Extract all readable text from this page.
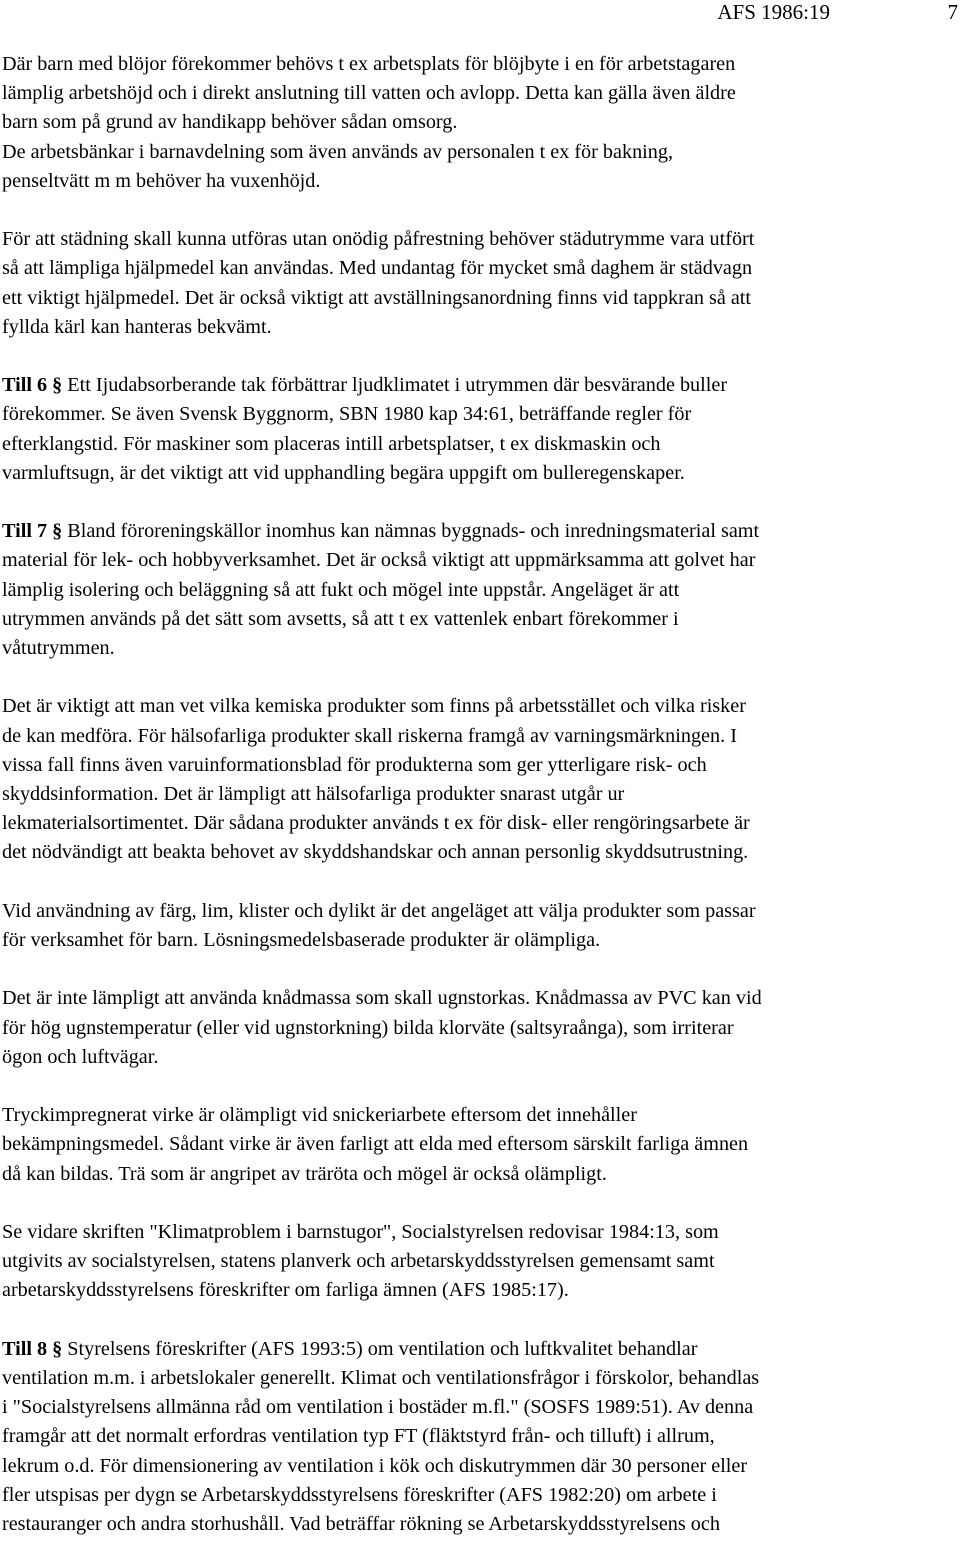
AFS 1986:19	7
Där barn med blöjor förekommer behövs t ex arbetsplats för blöjbyte i en för arbetstagaren
lämplig arbetshöjd och i direkt anslutning till vatten och avlopp. Detta kan gälla även äldre
barn som på grund av handikapp behöver sådan omsorg.
De arbetsbänkar i barnavdelning som även används av personalen t ex för bakning,
penseltvätt m m behöver ha vuxenhöjd.
För att städning skall kunna utföras utan onödig påfrestning behöver städutrymme vara utfört
så att lämpliga hjälpmedel kan användas. Med undantag för mycket små daghem är städvagn
ett viktigt hjälpmedel. Det är också viktigt att avställningsanordning finns vid tappkran så att
fyllda kärl kan hanteras bekvämt.
Till 6 § Ett Ijudabsorberande tak förbättrar ljudklimatet i utrymmen där besvärande buller
förekommer. Se även Svensk Byggnorm, SBN 1980 kap 34:61, beträffande regler för
efterklangstid. För maskiner som placeras intill arbetsplatser, t ex diskmaskin och
varmluftsugn, är det viktigt att vid upphandling begära uppgift om bulleregenskaper.
Till 7 § Bland föroreningskällor inomhus kan nämnas byggnads- och inredningsmaterial samt
material för lek- och hobbyverksamhet. Det är också viktigt att uppmärksamma att golvet har
lämplig isolering och beläggning så att fukt och mögel inte uppstår. Angeläget är att
utrymmen används på det sätt som avsetts, så att t ex vattenlek enbart förekommer i
våtutrymmen.
Det är viktigt att man vet vilka kemiska produkter som finns på arbetsstället och vilka risker
de kan medföra. För hälsofarliga produkter skall riskerna framgå av varningsmärkningen. I
vissa fall finns även varuinformationsblad för produkterna som ger ytterligare risk- och
skyddsinformation. Det är lämpligt att hälsofarliga produkter snarast utgår ur
lekmaterialsortimentet. Där sådana produkter används t ex för disk- eller rengöringsarbete är
det nödvändigt att beakta behovet av skyddshandskar och annan personlig skyddsutrustning.
Vid användning av färg, lim, klister och dylikt är det angeläget att välja produkter som passar
för verksamhet för barn. Lösningsmedelsbaserade produkter är olämpliga.
Det är inte lämpligt att använda knådmassa som skall ugnstorkas. Knådmassa av PVC kan vid
för hög ugnstemperatur (eller vid ugnstorkning) bilda klorväte (saltsyraånga), som irriterar
ögon och luftvägar.
Tryckimpregnerat virke är olämpligt vid snickeriarbete eftersom det innehåller
bekämpningsmedel. Sådant virke är även farligt att elda med eftersom särskilt farliga ämnen
då kan bildas. Trä som är angripet av träröta och mögel är också olämpligt.
Se vidare skriften "Klimatproblem i barnstugor", Socialstyrelsen redovisar 1984:13, som
utgivits av socialstyrelsen, statens planverk och arbetarskyddsstyrelsen gemensamt samt
arbetarskyddsstyrelsens föreskrifter om farliga ämnen (AFS 1985:17).
Till 8 § Styrelsens föreskrifter (AFS 1993:5) om ventilation och luftkvalitet behandlar
ventilation m.m. i arbetslokaler generellt. Klimat och ventilationsfrågor i förskolor, behandlas
i "Socialstyrelsens allmänna råd om ventilation i bostäder m.fl." (SOSFS 1989:51). Av denna
framgår att det normalt erfordras ventilation typ FT (fläktstyrd från- och tilluft) i allrum,
lekrum o.d. För dimensionering av ventilation i kök och diskutrymmen där 30 personer eller
fler utspisas per dygn se Arbetarskyddsstyrelsens föreskrifter (AFS 1982:20) om arbete i
restauranger och andra storhushåll. Vad beträffar rökning se Arbetarskyddsstyrelsens och
